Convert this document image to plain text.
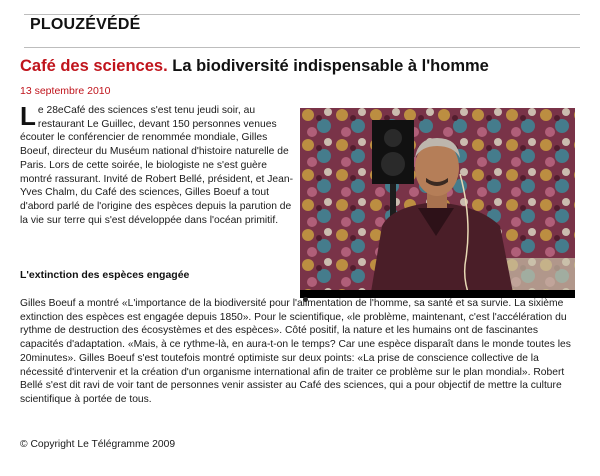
PLOUZÉVÉDÉ
Café des sciences. La biodiversité indispensable à l'homme
13 septembre 2010
Le 28eCafé des sciences s'est tenu jeudi soir, au restaurant Le Guillec, devant 150 personnes venues écouter le conférencier de renommée mondiale, Gilles Boeuf, directeur du Muséum national d'histoire naturelle de Paris. Lors de cette soirée, le biologiste ne s'est guère montré rassurant. Invité de Robert Bellé, président, et Jean-Yves Chalm, du Café des sciences, Gilles Boeuf a tout d'abord parlé de l'origine des espèces depuis la parution de la vie sur terre qui s'est développée dans l'océan primitif.
L'extinction des espèces engagée
Gilles Boeuf a montré «L'importance de la biodiversité pour l'alimentation de l'homme, sa santé et sa survie. La sixième extinction des espèces est engagée depuis 1850». Pour le scientifique, «le problème, maintenant, c'est l'accélération du rythme de destruction des écosystèmes et des espèces». Côté positif, la nature et les humains ont de fascinantes capacités d'adaptation. «Mais, à ce rythme-là, en aura-t-on le temps? Car une espèce disparaît dans le monde toutes les 20minutes». Gilles Boeuf s'est toutefois montré optimiste sur deux points: «La prise de conscience collective de la nécessité d'intervenir et la création d'un organisme international afin de traiter ce problème sur le plan mondial». Robert Bellé s'est dit ravi de voir tant de personnes venir assister au Café des sciences, qui a pour objectif de mettre la culture scientifique à portée de tous.
© Copyright Le Télégramme 2009
